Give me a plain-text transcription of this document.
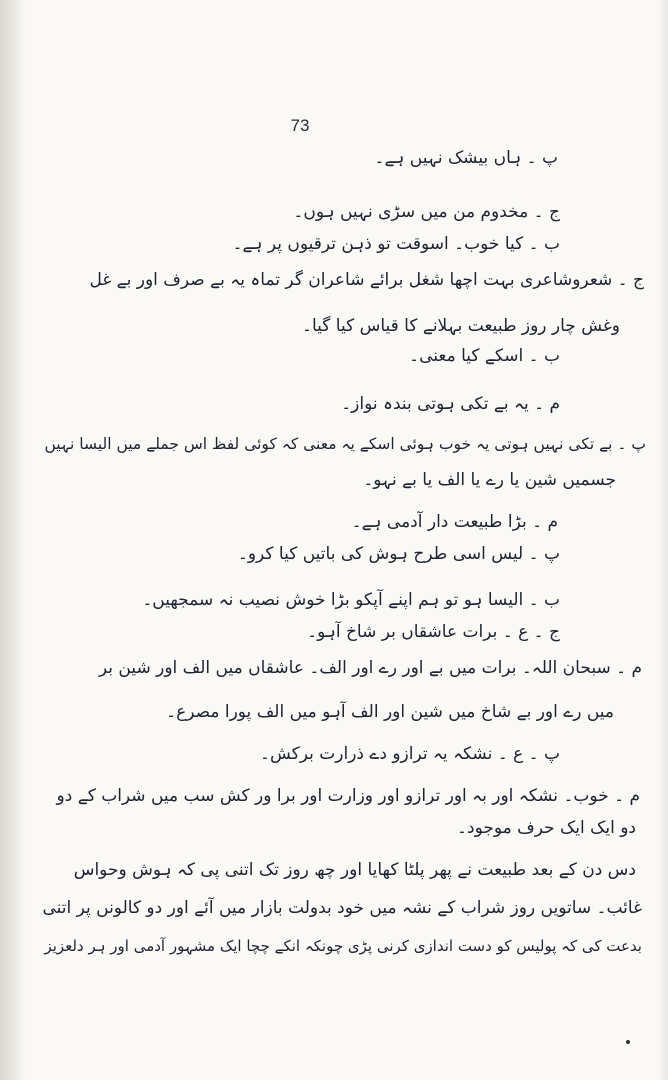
73
ﭖ ۔ ہاں بیشک نہیں ہے۔
ج ۔ مخدوم من میں سڑی نہیں ہوں۔
ب ۔ کیا خوب۔ اسوقت تو ذہن ترقیوں پر ہے۔
ج ۔ شعروشاعری بہت اچھا شغل برائے شاعران گر تماہ یہ بے صرف اور بے غل
وغش چار روز طبیعت بہلانے کا قیاس کیا گیا۔
ب ۔ اسکے کیا معنی۔
م ۔ یہ بے تکی ہوتی بندہ نواز۔
ﭖ ۔ بے تکی نہیں ہوتی یہ خوب ہوئی اسکے یہ معنی کہ کوئی لفظ اس جملے میں الیسا نہیں
جسمیں شین یا رے یا الف یا بے نہو۔
م ۔ بڑا طبیعت دار آدمی ہے۔
ﭖ ۔ لیس اسی طرح ہوش کی باتیں کیا کرو۔
ب ۔ الیسا ہو تو ہم اپنے آپکو بڑا خوش نصیب نہ سمجھیں۔
ج ۔ ع ۔ برات عاشقاں بر شاخ آہو۔
م ۔ سبحان اللہ۔ برات میں بے اور رے اور الف۔ عاشقاں میں الف اور شین بر
میں رے اور بے شاخ میں شین اور الف آہو میں الف پورا مصرع۔
ﭖ ۔ ع ۔ نشکہ یہ ترازو دے ذرارت برکش۔
م ۔ خوب۔ نشکہ اور بہ اور ترازو اور وزارت اور برا ور کش سب میں شراب کے دو
دو ایک ایک حرف موجود۔
دس دن کے بعد طبیعت نے پھر پلٹا کھایا اور چھ روز تک اتنی پی کہ ہوش وحواس
غائب۔ ساتویں روز شراب کے نشہ میں خود بدولت بازار میں آئے اور دو کالونں پر اتنی
بدعت کی کہ پولیس کو دست اندازی کرنی پڑی چونکہ انکے چچا ایک مشہور آدمی اور ہر دلعزیز
